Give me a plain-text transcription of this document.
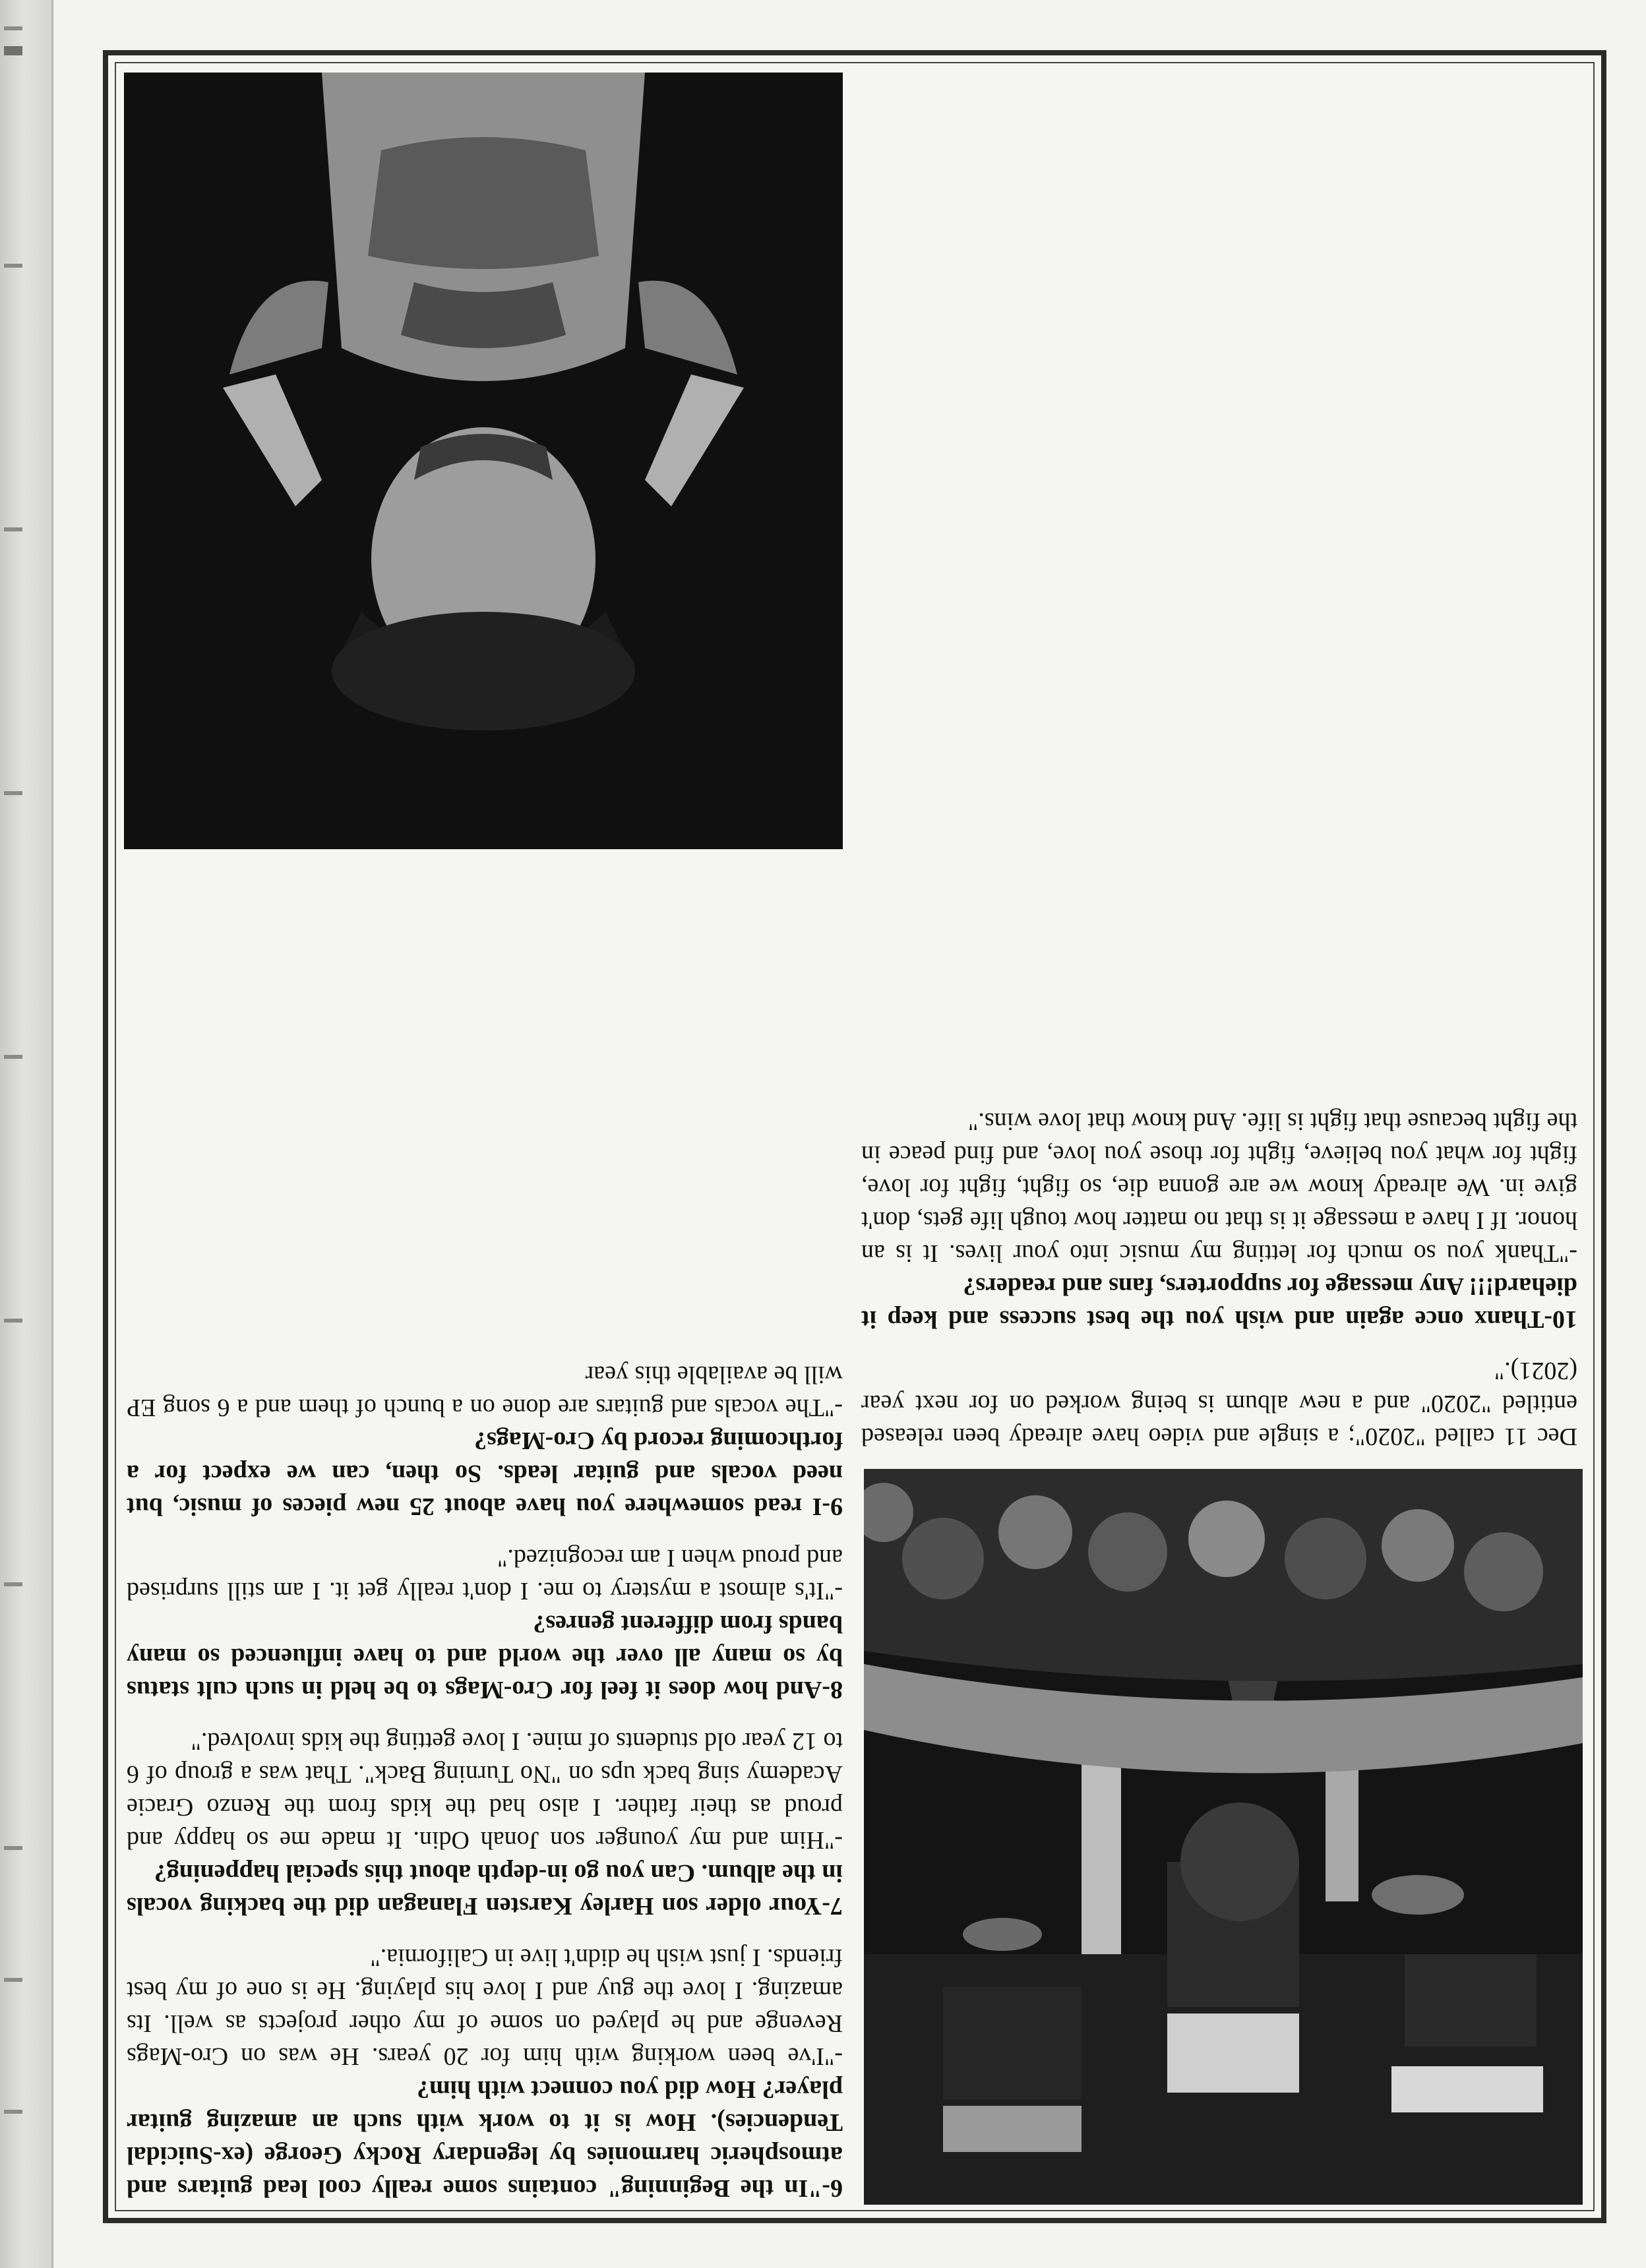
Dec 11 called "2020"; a single and video have already been released entitled "2020" and a new album is being worked on for next year (2021)."

10-Thanx once again and wish you the best success and keep it diehard!!! Any message for supporters, fans and readers?
-"Thank you so much for letting my music into your lives. It is an honor. If I have a message it is that no matter how tough life gets, don't give in. We already know we are gonna die, so fight, fight for love, fight for what you believe, fight for those you love, and find peace in the fight because that fight is life. And know that love wins."

6-"In the Beginning" contains some really cool lead guitars and atmospheric harmonies by legendary Rocky George (ex-Suicidal Tendencies). How is it to work with such an amazing guitar player? How did you connect with him?
-"I've been working with him for 20 years. He was on Cro-Mags Revenge and he played on some of my other projects as well. Its amazing. I love the guy and I love his playing. He is one of my best friends. I just wish he didn't live in California."

7-Your older son Harley Karsten Flanagan did the backing vocals in the album. Can you go in-depth about this special happening?
-"Him and my younger son Jonah Odin. It made me so happy and proud as their father. I also had the kids from the Renzo Gracie Academy sing back ups on "No Turning Back". That was a group of 6 to 12 year old students of mine. I love getting the kids involved."

8-And how does it feel for Cro-Mags to be held in such cult status by so many all over the world and to have influenced so many bands from different genres?
-"It's almost a mystery to me. I don't really get it. I am still surprised and proud when I am recognized."

9-I read somewhere you have about 25 new pieces of music, but need vocals and guitar leads. So then, can we expect for a forthcoming record by Cro-Mags?
-"The vocals and guitars are done on a bunch of them and a 6 song EP will be available this year
